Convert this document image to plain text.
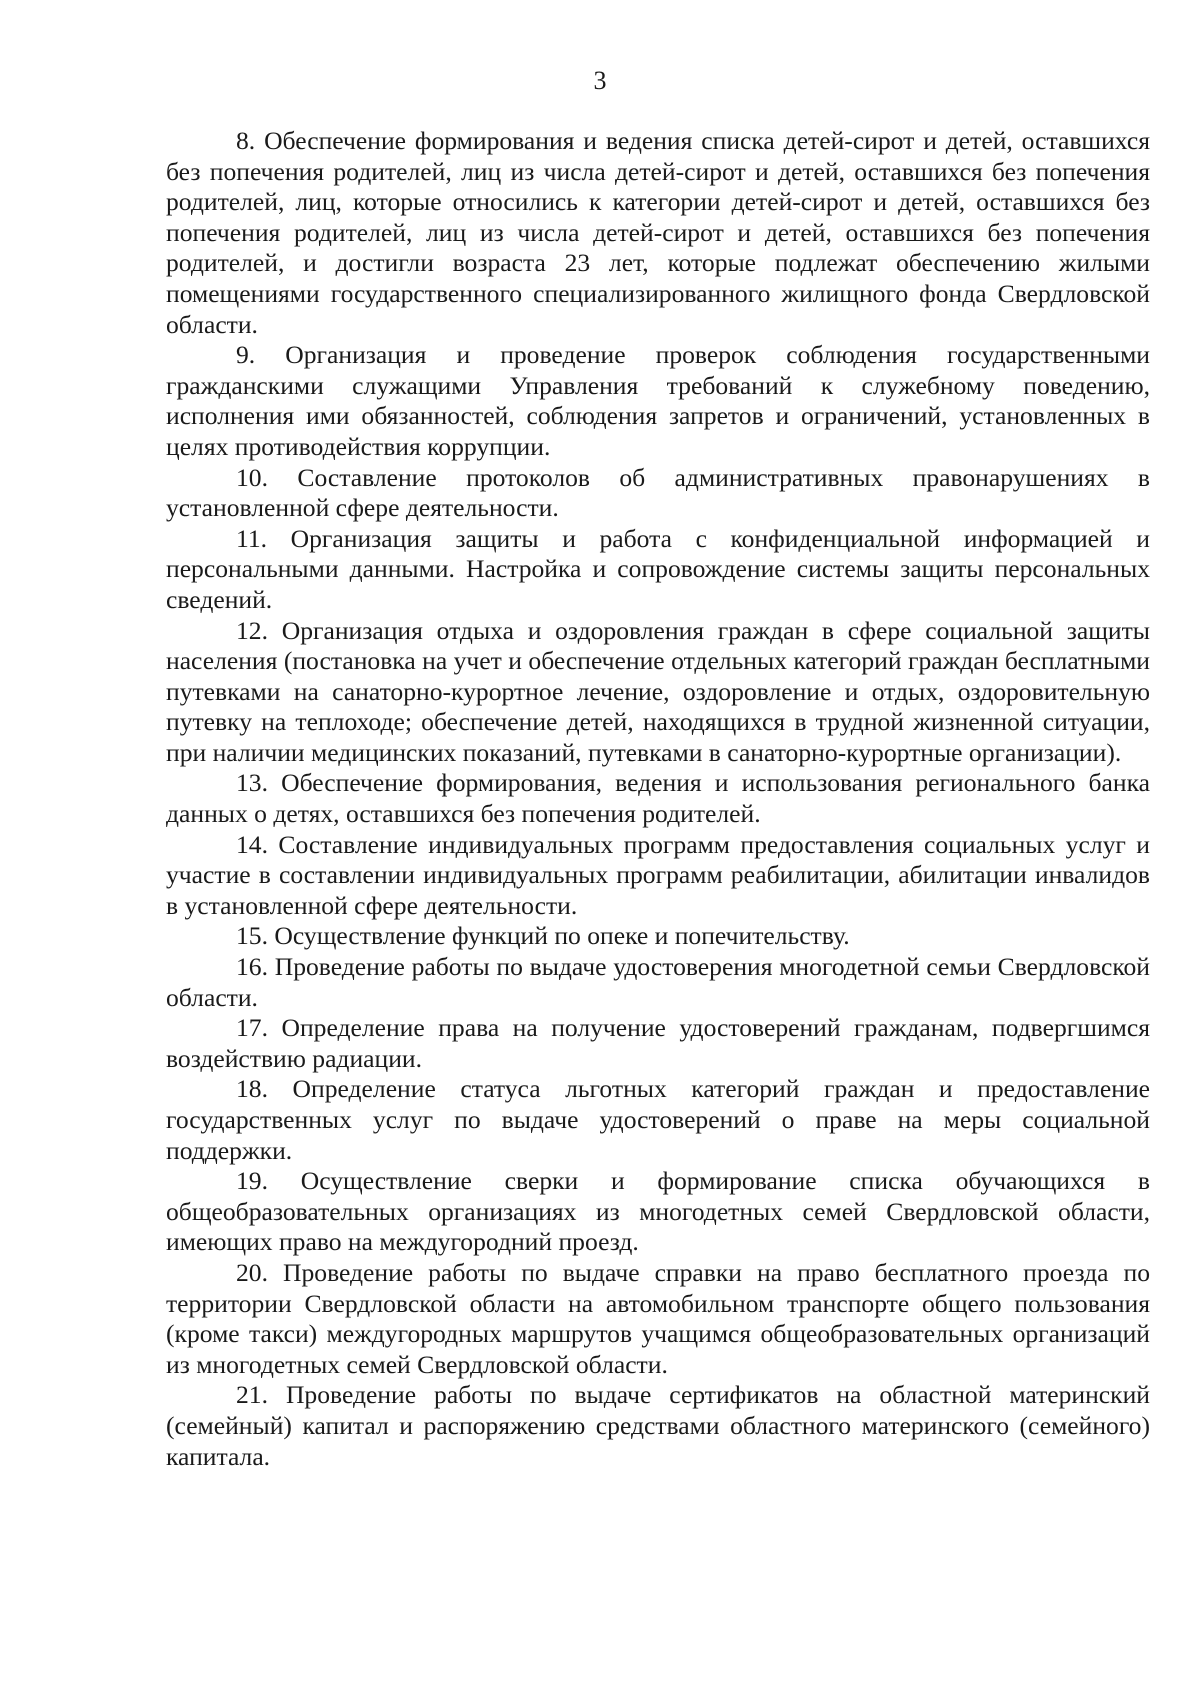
3

8. Обеспечение формирования и ведения списка детей-сирот и детей, оставшихся без попечения родителей, лиц из числа детей-сирот и детей, оставшихся без попечения родителей, лиц, которые относились к категории детей-сирот и детей, оставшихся без попечения родителей, лиц из числа детей-сирот и детей, оставшихся без попечения родителей, и достигли возраста 23 лет, которые подлежат обеспечению жилыми помещениями государственного специализированного жилищного фонда Свердловской области.

9. Организация и проведение проверок соблюдения государственными гражданскими служащими Управления требований к служебному поведению, исполнения ими обязанностей, соблюдения запретов и ограничений, установленных в целях противодействия коррупции.

10. Составление протоколов об административных правонарушениях в установленной сфере деятельности.

11. Организация защиты и работа с конфиденциальной информацией и персональными данными. Настройка и сопровождение системы защиты персональных сведений.

12. Организация отдыха и оздоровления граждан в сфере социальной защиты населения (постановка на учет и обеспечение отдельных категорий граждан бесплатными путевками на санаторно-курортное лечение, оздоровление и отдых, оздоровительную путевку на теплоходе; обеспечение детей, находящихся в трудной жизненной ситуации, при наличии медицинских показаний, путевками в санаторно-курортные организации).

13. Обеспечение формирования, ведения и использования регионального банка данных о детях, оставшихся без попечения родителей.

14. Составление индивидуальных программ предоставления социальных услуг и участие в составлении индивидуальных программ реабилитации, абилитации инвалидов в установленной сфере деятельности.

15. Осуществление функций по опеке и попечительству.

16. Проведение работы по выдаче удостоверения многодетной семьи Свердловской области.

17. Определение права на получение удостоверений гражданам, подвергшимся воздействию радиации.

18. Определение статуса льготных категорий граждан и предоставление государственных услуг по выдаче удостоверений о праве на меры социальной поддержки.

19. Осуществление сверки и формирование списка обучающихся в общеобразовательных организациях из многодетных семей Свердловской области, имеющих право на междугородний проезд.

20. Проведение работы по выдаче справки на право бесплатного проезда по территории Свердловской области на автомобильном транспорте общего пользования (кроме такси) междугородных маршрутов учащимся общеобразовательных организаций из многодетных семей Свердловской области.

21. Проведение работы по выдаче сертификатов на областной материнский (семейный) капитал и распоряжению средствами областного материнского (семейного) капитала.
